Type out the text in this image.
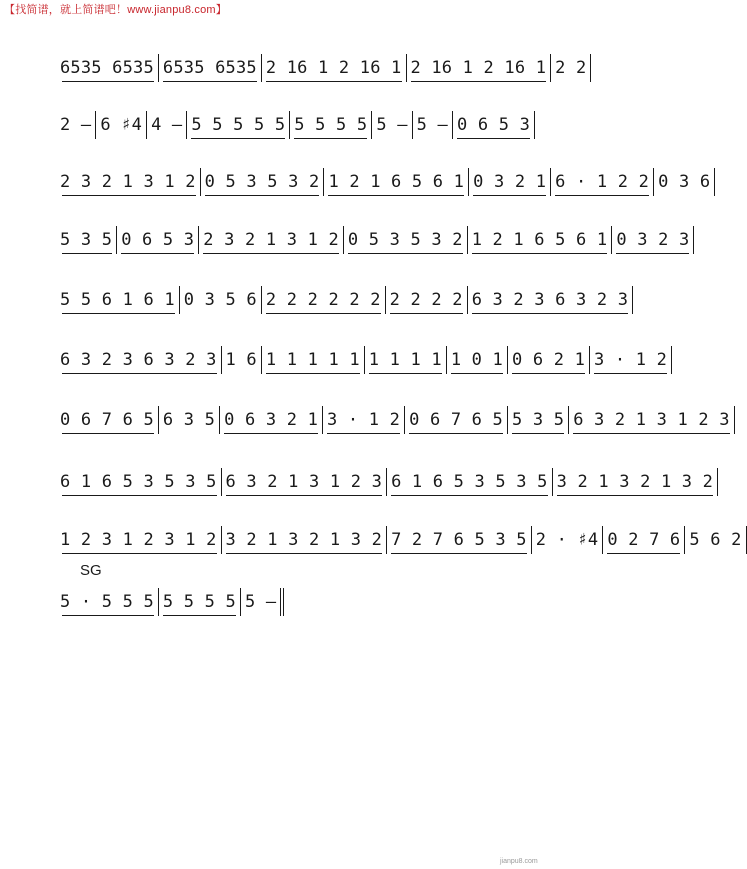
【找简谱，就上简谱吧！www.jianpu8.com】
6535 6535 6535 6535 2 16 1 2 16 1 2 16 1 2 16 1 2 2
2 – 6 ♯4 4 – 5 5 5 5 5 5 5 5 5 5 – 5 – 0 6 5 3
2 3 2 1 3 1 2 0 5 3 5 3 2 1 2 1 6 5 6 1 0 3 2 1 6 · 1 2 2 0 3 6
5 3 5 0 6 5 3 2 3 2 1 3 1 2 0 5 3 5 3 2 1 2 1 6 5 6 1 0 3 2 3
5 5 6 1 6 1 0 3 5 6 2 2 2 2 2 2 2 2 2 2 6 3 2 3 6 3 2 3
6 3 2 3 6 3 2 3 1 6 1 1 1 1 1 1 1 1 1 1 0 1 0 6 2 1 3 · 1 2
0 6 7 6 5 6 3 5 0 6 3 2 1 3 · 1 2 0 6 7 6 5 5 3 5 6 3 2 1 3 1 2 3
6 1 6 5 3 5 3 5 6 3 2 1 3 1 2 3 6 1 6 5 3 5 3 5 3 2 1 3 2 1 3 2
1 2 3 1 2 3 1 2 3 2 1 3 2 1 3 2 7 2 7 6 5 3 5 2 · ♯4 0 2 7 6 5 6 2
5 · 5 5 5 5 5 5 5 5 –
SG
jianpu8.com
